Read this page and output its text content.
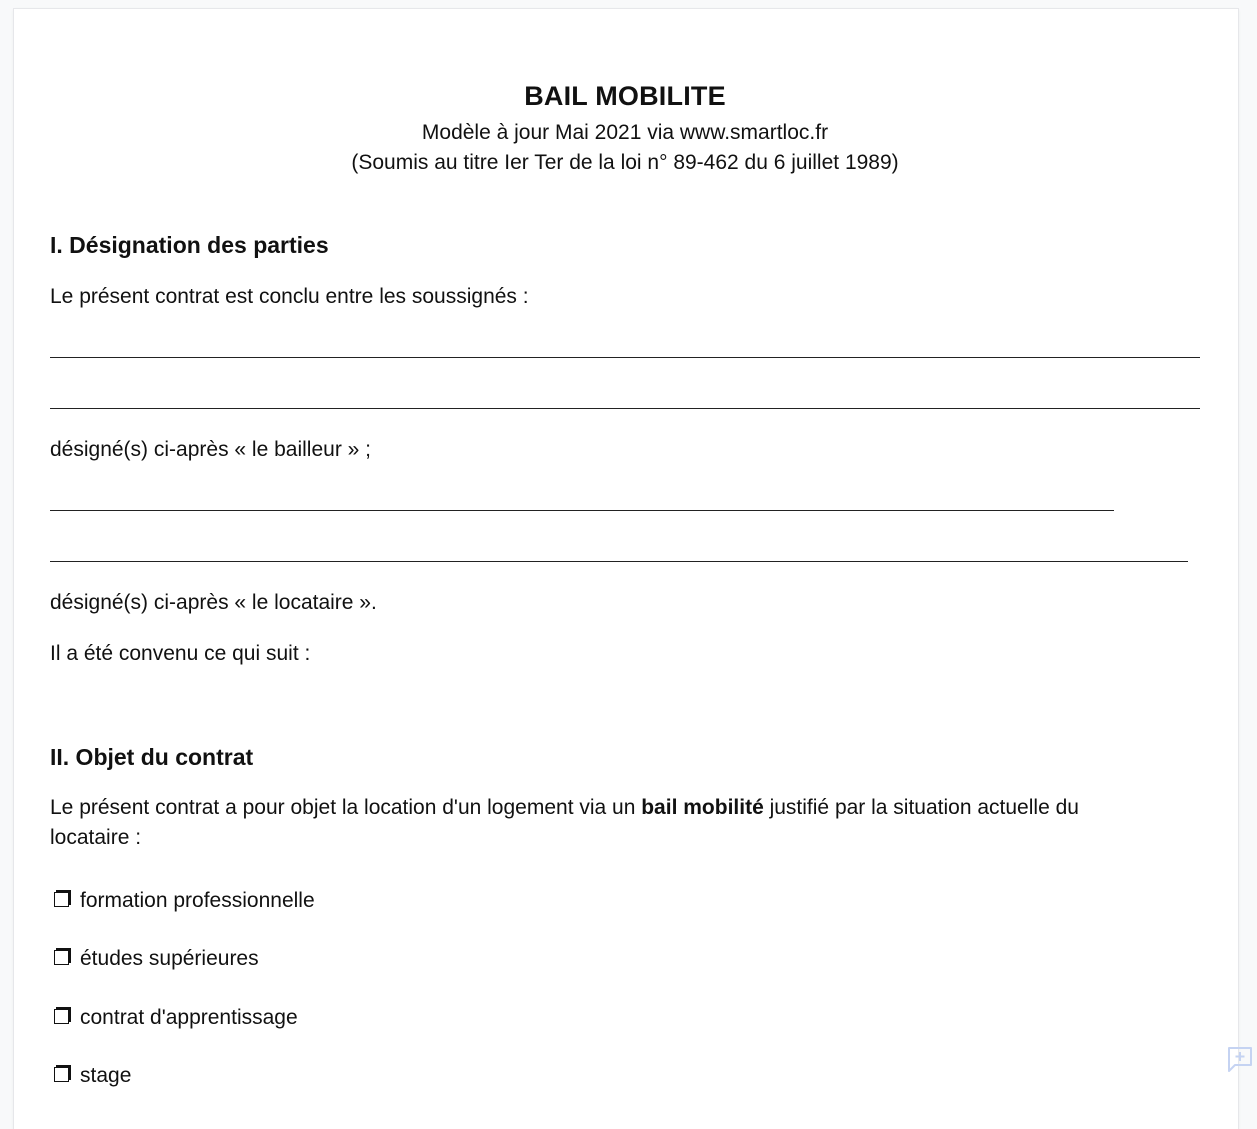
BAIL MOBILITE
Modèle à jour Mai 2021 via www.smartloc.fr
(Soumis au titre Ier Ter de la loi n° 89-462 du 6 juillet 1989)
I. Désignation des parties
Le présent contrat est conclu entre les soussignés :
désigné(s) ci-après « le bailleur » ;
désigné(s) ci-après « le locataire ».
Il a été convenu ce qui suit :
II. Objet du contrat
Le présent contrat a pour objet la location d'un logement via un bail mobilité justifié par la situation actuelle du
locataire :
formation professionnelle
études supérieures
contrat d'apprentissage
stage
